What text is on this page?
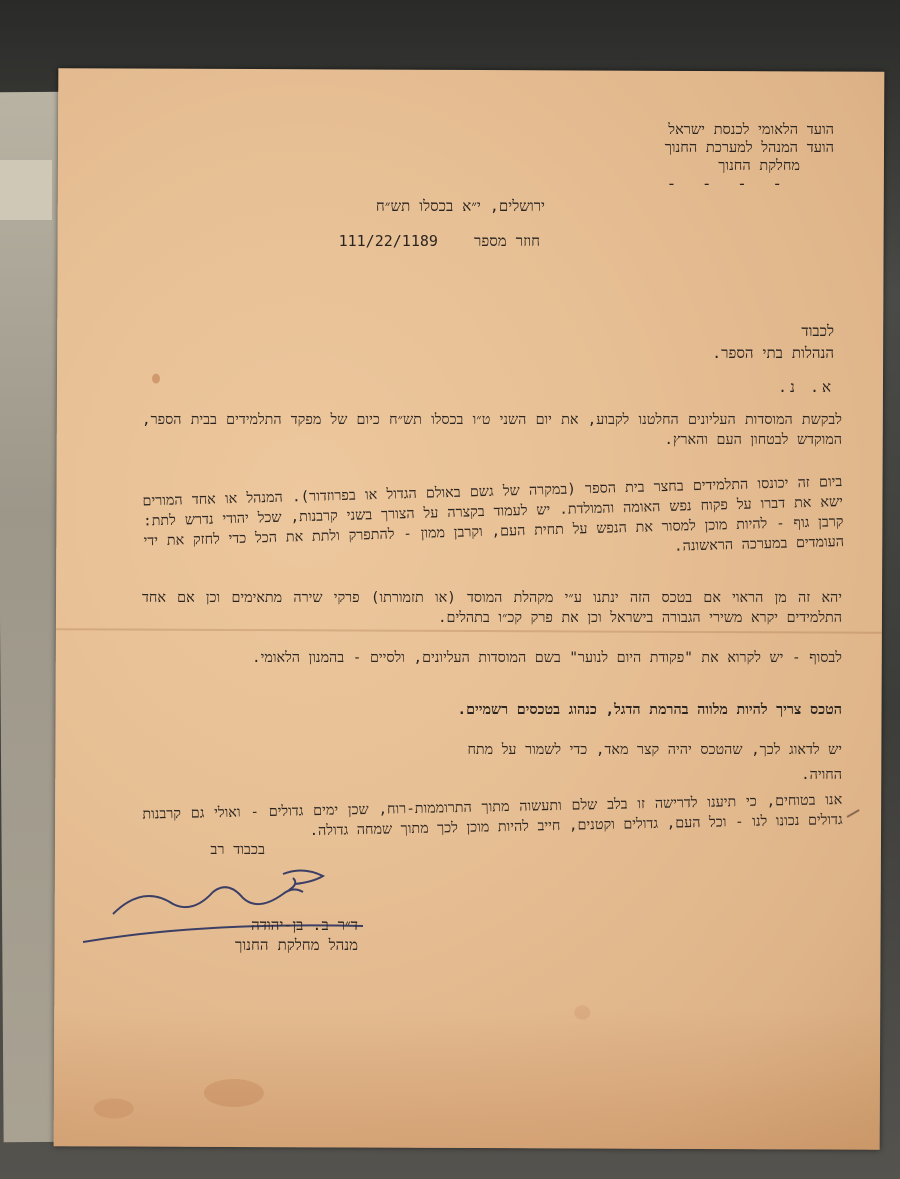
הועד הלאומי לכנסת ישראל
הועד המנהל למערכת החנוך
מחלקת החנוך
- - - -
ירושלים, י״א בכסלו תש״ח
חוזר מספר    111/22/1189
לכבוד
הנהלות בתי הספר.
א. נ.
לבקשת המוסדות העליונים החלטנו לקבוע, את יום השני ט״ו בכסלו תש״ח כיום של מפקד התלמידים בבית הספר, המוקדש לבטחון העם והארץ.
ביום זה יכונסו התלמידים בחצר בית הספר (במקרה של גשם באולם הגדול או בפרוזדור). המנהל או אחד המורים ישא את דברו על פקוח נפש האומה והמולדת. יש לעמוד בקצרה על הצורך בשני קרבנות, שכל יהודי נדרש לתת: קרבן גוף - להיות מוכן למסור את הנפש על תחית העם, וקרבן ממון - להתפרק ולתת את הכל כדי לחזק את ידי העומדים במערכה הראשונה.
יהא זה מן הראוי אם בטכס הזה ינתנו ע״י מקהלת המוסד (או תזמורתו) פרקי שירה מתאימים וכן אם אחד התלמידים יקרא משירי הגבורה בישראל וכן את פרק קכ״ו בתהלים.
לבסוף - יש לקרוא את "פקודת היום לנוער" בשם המוסדות העליונים, ולסיים - בהמנון הלאומי.
הטכס צריך להיות מלווה בהרמת הדגל, כנהוג בטכסים רשמיים.
יש לדאוג לכך, שהטכס יהיה קצר מאד, כדי לשמור על מתח
החויה.
אנו בטוחים, כי תיענו לדרישה זו בלב שלם ותעשוה מתוך התרוממות-רוח, שכן ימים גדולים - ואולי גם קרבנות גדולים נכונו לנו - וכל העם, גדולים וקטנים, חייב להיות מוכן לכך מתוך שמחה גדולה.
בכבוד רב
ד״ר ב. בן-יהודה
מנהל מחלקת החנוך
